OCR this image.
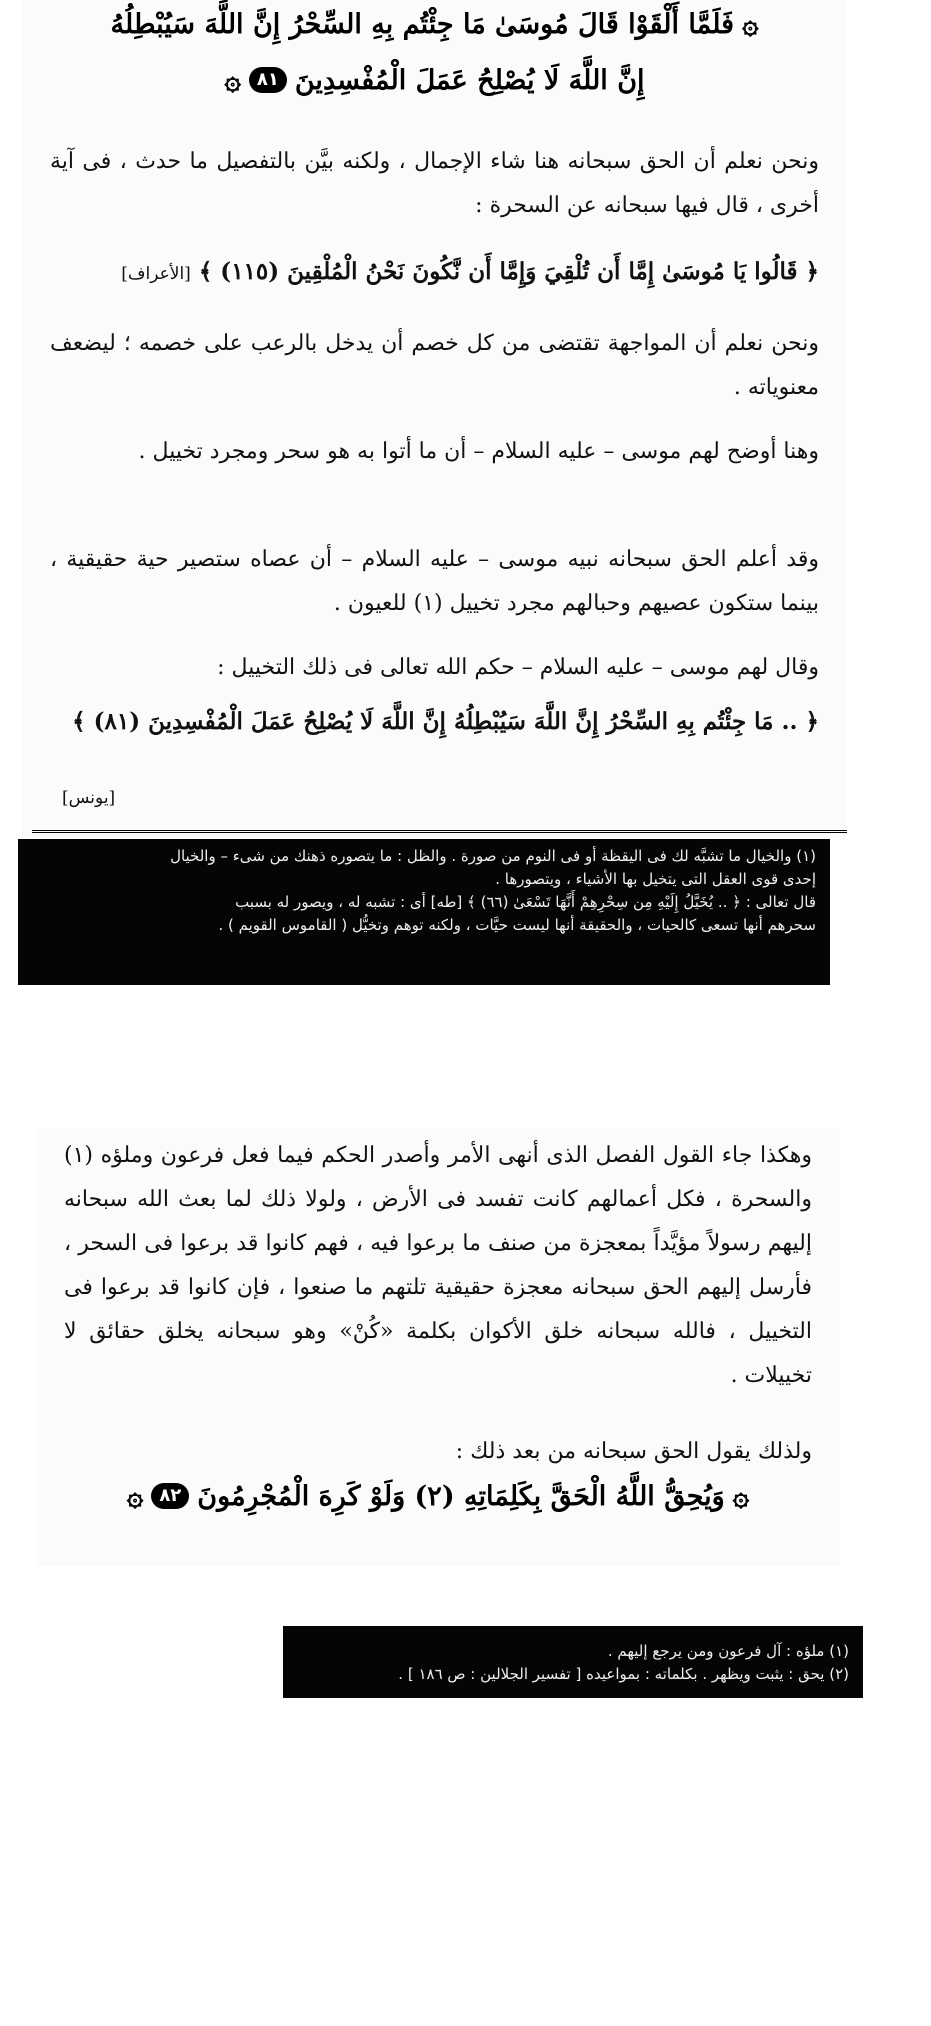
۞
فَلَمَّا أَلْقَوْا قَالَ مُوسَىٰ مَا جِئْتُم بِهِ السِّحْرُ إِنَّ اللَّهَ سَيُبْطِلُهُ
إِنَّ اللَّهَ لَا يُصْلِحُ عَمَلَ الْمُفْسِدِينَ
٨١
۞

ونحن نعلم أن الحق سبحانه هنا شاء الإجمال ، ولكنه بيَّن بالتفصيل ما حدث ، فى آية أخرى ، قال فيها سبحانه عن السحرة :

﴿ قَالُوا يَا مُوسَىٰ إِمَّا أَن تُلْقِيَ وَإِمَّا أَن نَّكُونَ نَحْنُ الْمُلْقِينَ (١١٥) ﴾ [الأعراف]

ونحن نعلم أن المواجهة تقتضى من كل خصم أن يدخل بالرعب على خصمه ؛ ليضعف معنوياته .

وهنا أوضح لهم موسى – عليه السلام – أن ما أتوا به هو سحر ومجرد تخييل .

وقد أعلم الحق سبحانه نبيه موسى – عليه السلام – أن عصاه ستصير حية حقيقية ، بينما ستكون عصيهم وحبالهم مجرد تخييل (١) للعيون .

وقال لهم موسى – عليه السلام – حكم الله تعالى فى ذلك التخييل :

﴿ .. مَا جِئْتُم بِهِ السِّحْرُ إِنَّ اللَّهَ سَيُبْطِلُهُ إِنَّ اللَّهَ لَا يُصْلِحُ عَمَلَ الْمُفْسِدِينَ (٨١) ﴾

[يونس]

(١) والخيال ما تشبَّه لك فى اليقظة أو فى النوم من صورة . والظل : ما يتصوره ذهنك من شىء – والخيال

إحدى قوى العقل التى يتخيل بها الأشياء ، ويتصورها .

قال تعالى : ﴿ .. يُخَيَّلُ إِلَيْهِ مِن سِحْرِهِمْ أَنَّهَا تَسْعَىٰ (٦٦) ﴾ [طه] أى : تشبه له ، ويصور له بسبب

سحرهم أنها تسعى كالحيات ، والحقيقة أنها ليست حيَّات ، ولكنه توهم وتخيُّل ( القاموس القويم ) .

وهكذا جاء القول الفصل الذى أنهى الأمر وأصدر الحكم فيما فعل فرعون وملؤه (١) والسحرة ، فكل أعمالهم كانت تفسد فى الأرض ، ولولا ذلك لما بعث الله سبحانه إليهم رسولاً مؤيَّداً بمعجزة من صنف ما برعوا فيه ، فهم كانوا قد برعوا فى السحر ، فأرسل إليهم الحق سبحانه معجزة حقيقية تلتهم ما صنعوا ، فإن كانوا قد برعوا فى التخييل ، فالله سبحانه خلق الأكوان بكلمة «كُنْ» وهو سبحانه يخلق حقائق لا تخييلات .

ولذلك يقول الحق سبحانه من بعد ذلك :

۞
وَيُحِقُّ اللَّهُ الْحَقَّ بِكَلِمَاتِهِ (٢) وَلَوْ كَرِهَ الْمُجْرِمُونَ
٨٢
۞

(١) ملؤه : آل فرعون ومن يرجع إليهم .

(٢) يحق : يثبت ويظهر . بكلماته : بمواعيده [ تفسير الجلالين : ص ١٨٦ ] .
